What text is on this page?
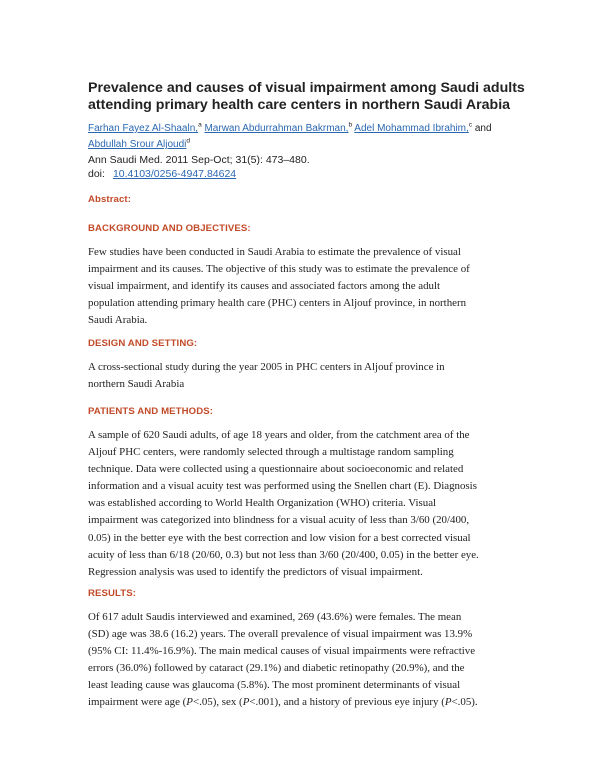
Prevalence and causes of visual impairment among Saudi adults attending primary health care centers in northern Saudi Arabia
Farhan Fayez Al-Shaaln,$^a$ Marwan Abdurrahman Bakrman,$^b$ Adel Mohammad Ibrahim,$^c$ and Abdullah Srour Aljoudi$^d$
Ann Saudi Med. 2011 Sep-Oct; 31(5): 473–480.
doi: 10.4103/0256-4947.84624
Abstract:
BACKGROUND AND OBJECTIVES:
Few studies have been conducted in Saudi Arabia to estimate the prevalence of visual
impairment and its causes. The objective of this study was to estimate the prevalence of
visual impairment, and identify its causes and associated factors among the adult
population attending primary health care (PHC) centers in Aljouf province, in northern
Saudi Arabia.
DESIGN AND SETTING:
A cross-sectional study during the year 2005 in PHC centers in Aljouf province in
northern Saudi Arabia
PATIENTS AND METHODS:
A sample of 620 Saudi adults, of age 18 years and older, from the catchment area of the
Aljouf PHC centers, were randomly selected through a multistage random sampling
technique. Data were collected using a questionnaire about socioeconomic and related
information and a visual acuity test was performed using the Snellen chart (E). Diagnosis
was established according to World Health Organization (WHO) criteria. Visual
impairment was categorized into blindness for a visual acuity of less than 3/60 (20/400,
0.05) in the better eye with the best correction and low vision for a best corrected visual
acuity of less than 6/18 (20/60, 0.3) but not less than 3/60 (20/400, 0.05) in the better eye.
Regression analysis was used to identify the predictors of visual impairment.
RESULTS:
Of 617 adult Saudis interviewed and examined, 269 (43.6%) were females. The mean
(SD) age was 38.6 (16.2) years. The overall prevalence of visual impairment was 13.9%
(95% CI: 11.4%-16.9%). The main medical causes of visual impairments were refractive
errors (36.0%) followed by cataract (29.1%) and diabetic retinopathy (20.9%), and the
least leading cause was glaucoma (5.8%). The most prominent determinants of visual
impairment were age (P<.05), sex (P<.001), and a history of previous eye injury (P<.05).
